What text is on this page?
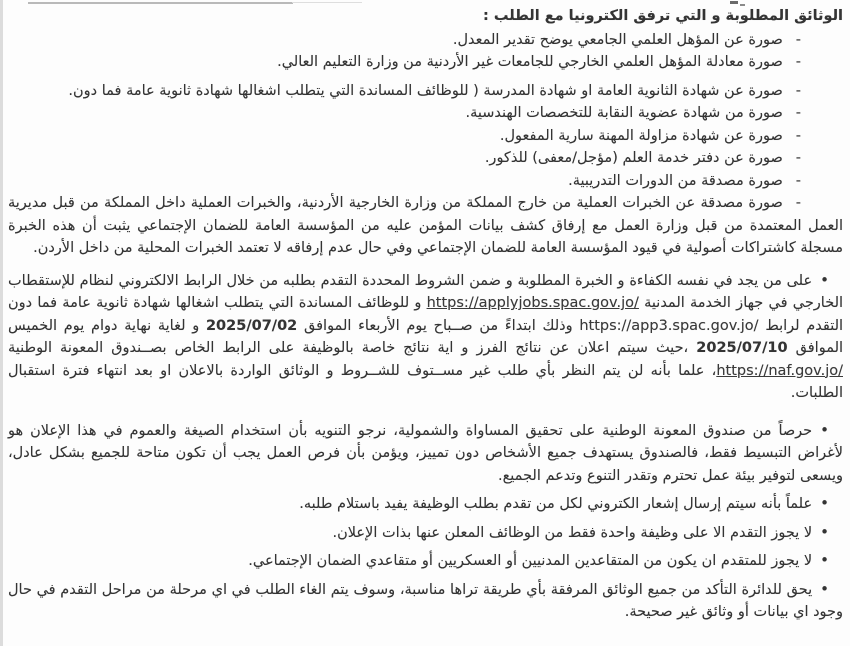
الوثائق المطلوبة و التي ترفق الكترونيا مع الطلب :

-صورة عن المؤهل العلمي الجامعي يوضح تقدير المعدل.
-صورة معادلة المؤهل العلمي الخارجي للجامعات غير الأردنية من وزارة التعليم العالي.
-صورة عن شهادة الثانوية العامة او شهادة المدرسة ( للوظائف المساندة التي يتطلب اشغالها شهادة ثانوية عامة فما دون.
-صورة من شهادة عضوية النقابة للتخصصات الهندسية.
-صورة عن شهادة مزاولة المهنة سارية المفعول.
-صورة عن دفتر خدمة العلم (مؤجل/معفى) للذكور.
-صورة مصدقة من الدورات التدريبية.
-صورة مصدقة عن الخبرات العملية من خارج المملكة من وزارة الخارجية الأردنية، والخبرات العملية داخل المملكة من قبل مديرية العمل المعتمدة من قبل وزارة العمل مع إرفاق كشف بيانات المؤمن عليه من المؤسسة العامة للضمان الإجتماعي يثبت أن هذه الخبرة مسجلة كاشتراكات أصولية في قيود المؤسسة العامة للضمان الإجتماعي وفي حال عدم إرفاقه لا تعتمد الخبرات المحلية من داخل الأردن.

•على من يجد في نفسه الكفاءة و الخبرة المطلوبة و ضمن الشروط المحددة التقدم بطلبه من خلال الرابط الالكتروني لنظام للإستقطاب الخارجي في جهاز الخدمة المدنية https://applyjobs.spac.gov.jo/ و للوظائف المساندة التي يتطلب اشغالها شهادة ثانوية عامة فما دون التقدم لرابط https://app3.spac.gov.jo/ وذلك ابتداءً من صــباح يوم الأربعاء الموافق 2025/07/02 و لغاية نهاية دوام يوم الخميس الموافق 2025/07/10 ،حيث سيتم اعلان عن نتائج الفرز و اية نتائج خاصة بالوظيفة على الرابط الخاص بصــندوق المعونة الوطنية https://naf.gov.jo/، علما بأنه لن يتم النظر بأي طلب غير مســتوف للشــروط و الوثائق الواردة بالاعلان او بعد انتهاء فترة استقبال الطلبات.

•حرصاً من صندوق المعونة الوطنية على تحقيق المساواة والشمولية، نرجو التنويه بأن استخدام الصيغة والعموم في هذا الإعلان هو لأغراض التبسيط فقط، فالصندوق يستهدف جميع الأشخاص دون تمييز، ويؤمن بأن فرص العمل يجب أن تكون متاحة للجميع بشكل عادل، ويسعى لتوفير بيئة عمل تحترم وتقدر التنوع وتدعم الجميع.

•علماً بأنه سيتم إرسال إشعار الكتروني لكل من تقدم بطلب الوظيفة يفيد باستلام طلبه.

•لا يجوز التقدم الا على وظيفة واحدة فقط من الوظائف المعلن عنها بذات الإعلان.

•لا يجوز للمتقدم ان يكون من المتقاعدين المدنيين أو العسكريين أو متقاعدي الضمان الإجتماعي.

•يحق للدائرة التأكد من جميع الوثائق المرفقة بأي طريقة تراها مناسبة، وسوف يتم الغاء الطلب في اي مرحلة من مراحل التقدم في حال وجود اي بيانات أو وثائق غير صحيحة.
